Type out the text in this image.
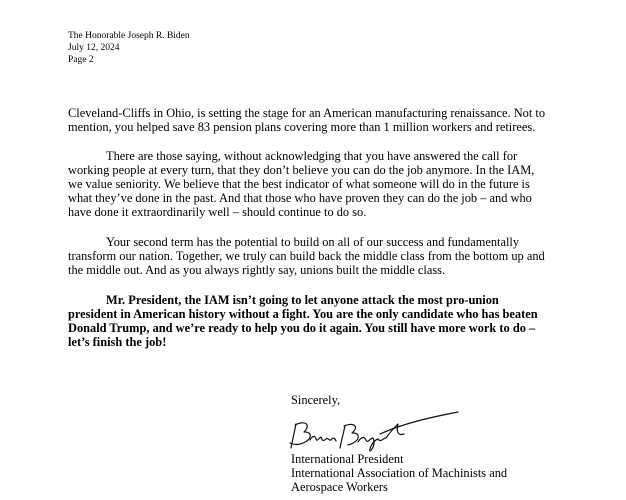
The Honorable Joseph R. Biden
July 12, 2024
Page 2
Cleveland-Cliffs in Ohio, is setting the stage for an American manufacturing renaissance. Not to
mention, you helped save 83 pension plans covering more than 1 million workers and retirees.
There are those saying, without acknowledging that you have answered the call for
working people at every turn, that they don’t believe you can do the job anymore. In the IAM,
we value seniority. We believe that the best indicator of what someone will do in the future is
what they’ve done in the past. And that those who have proven they can do the job – and who
have done it extraordinarily well – should continue to do so.
Your second term has the potential to build on all of our success and fundamentally
transform our nation. Together, we truly can build back the middle class from the bottom up and
the middle out. And as you always rightly say, unions built the middle class.
Mr. President, the IAM isn’t going to let anyone attack the most pro-union
president in American history without a fight. You are the only candidate who has beaten
Donald Trump, and we’re ready to help you do it again. You still have more work to do –
let’s finish the job!
Sincerely,
International President
International Association of Machinists and
Aerospace Workers
